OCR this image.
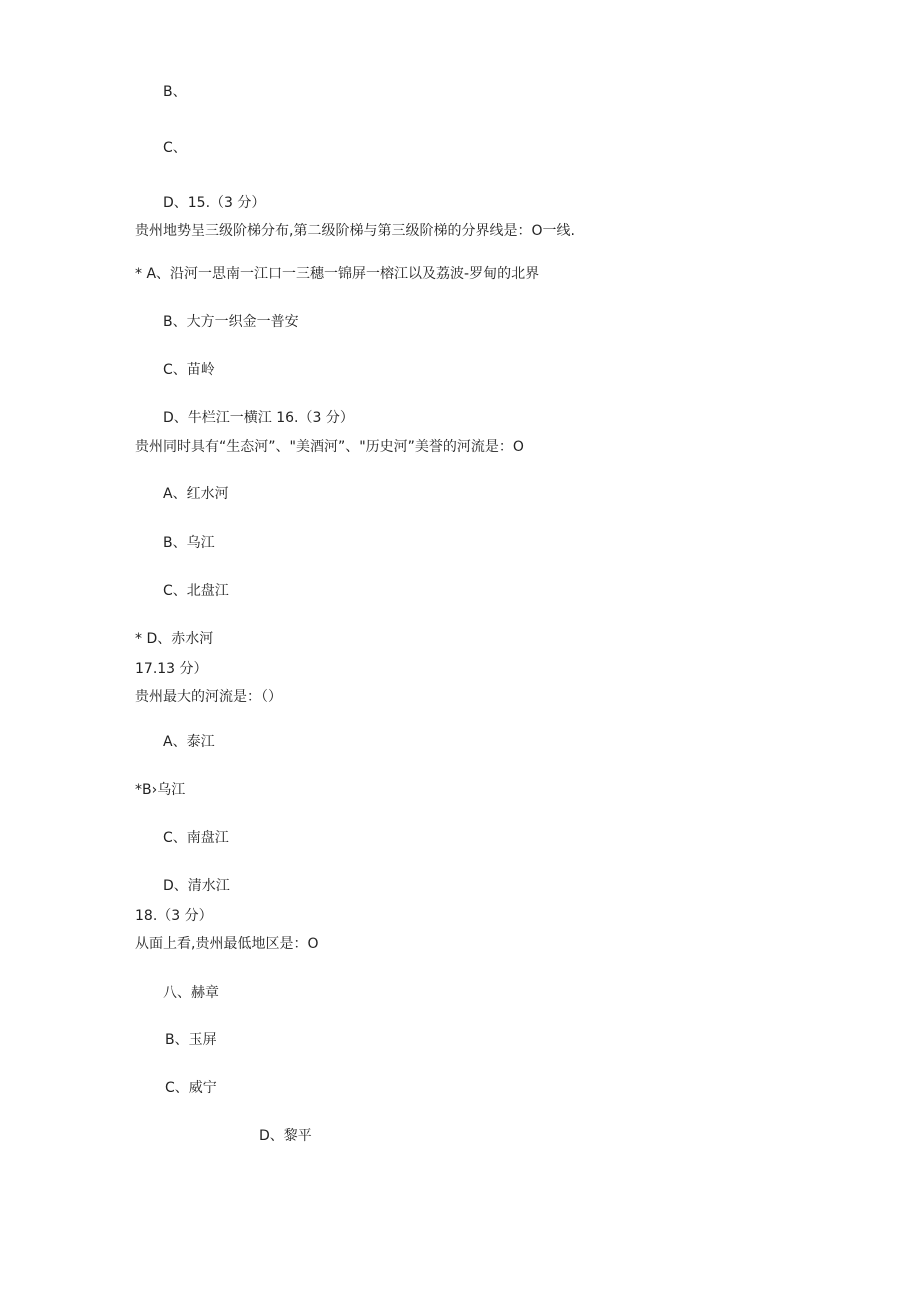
B、
C、
D、15.（3 分）
贵州地势呈三级阶梯分布,第二级阶梯与第三级阶梯的分界线是：O一线.
* A、沿河一思南一江口一三穗一锦屏一榕江以及荔波-罗甸的北界
B、大方一织金一普安
C、苗岭
D、牛栏江一横江 16.（3 分）
贵州同时具有“生态河”、"美酒河”、"历史河”美誉的河流是：O
A、红水河
B、乌江
C、北盘江
* D、赤水河
17.13 分）
贵州最大的河流是：（）
A、泰江
*B›乌江
C、南盘江
D、清水江
18.（3 分）
从面上看,贵州最低地区是：O
八、赫章
B、玉屏
C、威宁
D、黎平
